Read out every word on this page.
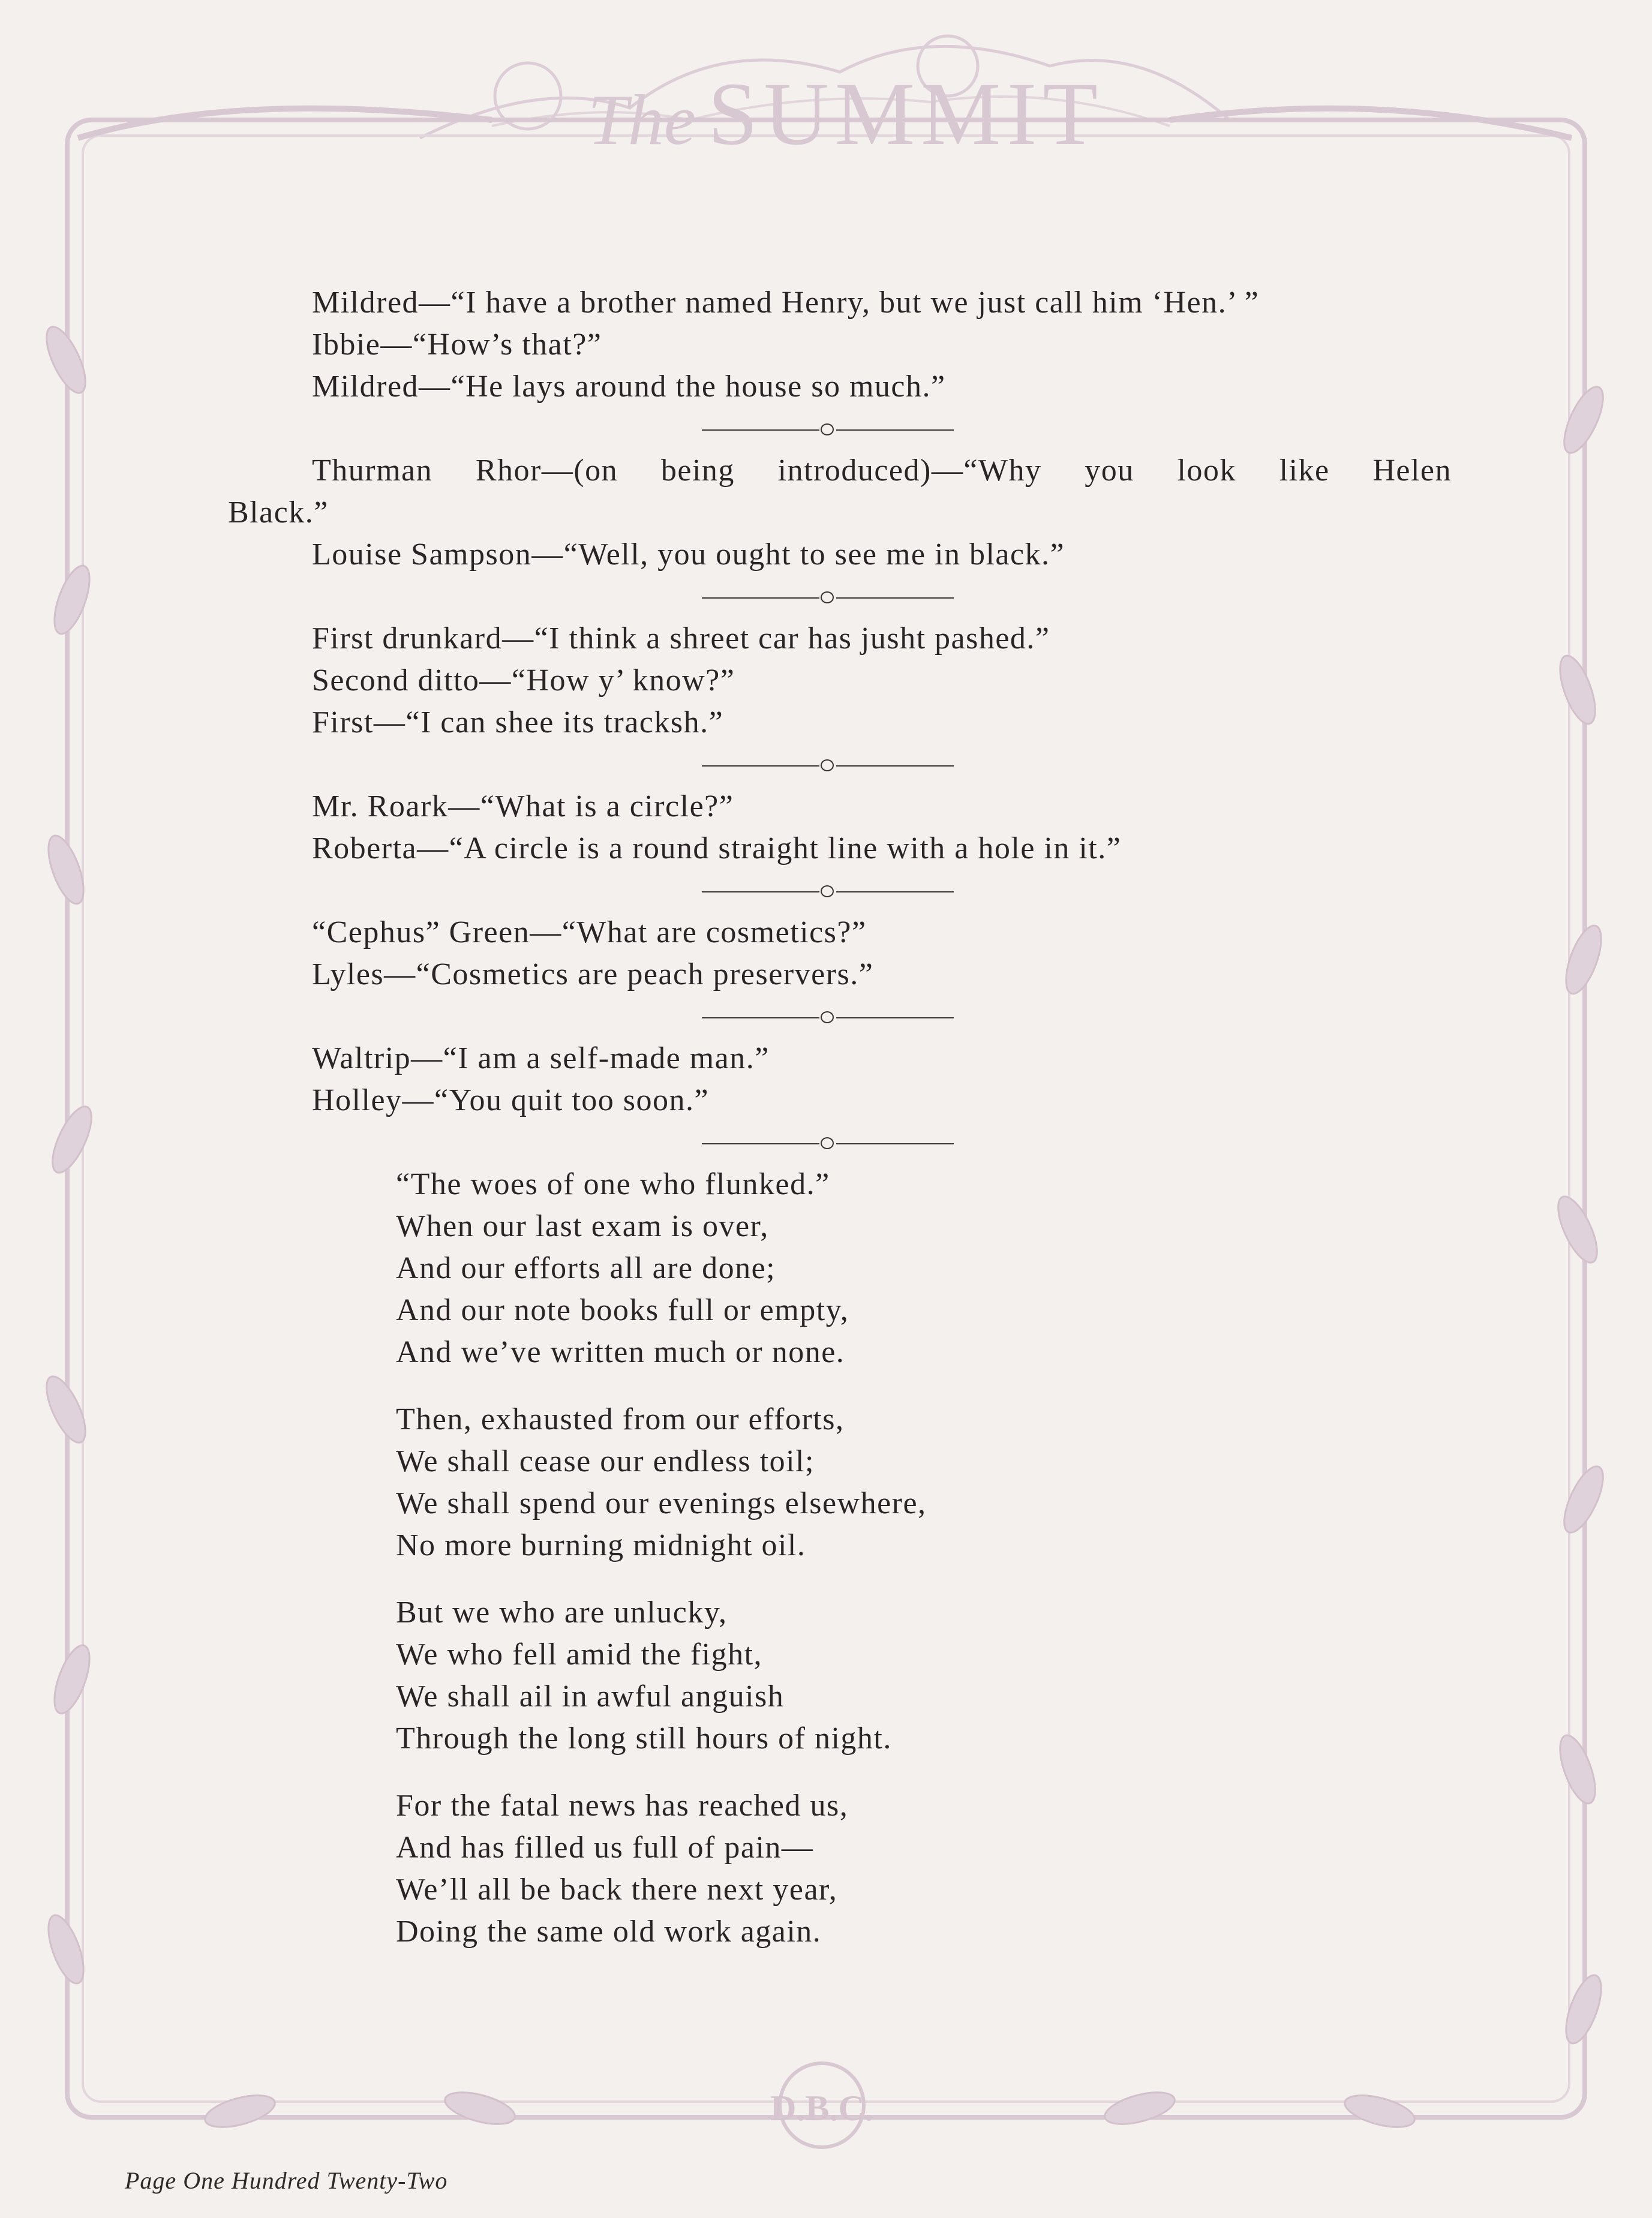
The SUMMIT
Mildred—“I have a brother named Henry, but we just call him ‘Hen.’ ”
Ibbie—“How’s that?”
Mildred—“He lays around the house so much.”
Thurman Rhor—(on being introduced)—“Why you look like Helen
Black.”
Louise Sampson—“Well, you ought to see me in black.”
First drunkard—“I think a shreet car has jusht pashed.”
Second ditto—“How y’ know?”
First—“I can shee its tracksh.”
Mr. Roark—“What is a circle?”
Roberta—“A circle is a round straight line with a hole in it.”
“Cephus” Green—“What are cosmetics?”
Lyles—“Cosmetics are peach preservers.”
Waltrip—“I am a self-made man.”
Holley—“You quit too soon.”
“The woes of one who flunked.”
When our last exam is over,
And our efforts all are done;
And our note books full or empty,
And we’ve written much or none.
Then, exhausted from our efforts,
We shall cease our endless toil;
We shall spend our evenings elsewhere,
No more burning midnight oil.
But we who are unlucky,
We who fell amid the fight,
We shall ail in awful anguish
Through the long still hours of night.
For the fatal news has reached us,
And has filled us full of pain—
We’ll all be back there next year,
Doing the same old work again.
D.B.C.
Page One Hundred Twenty-Two
